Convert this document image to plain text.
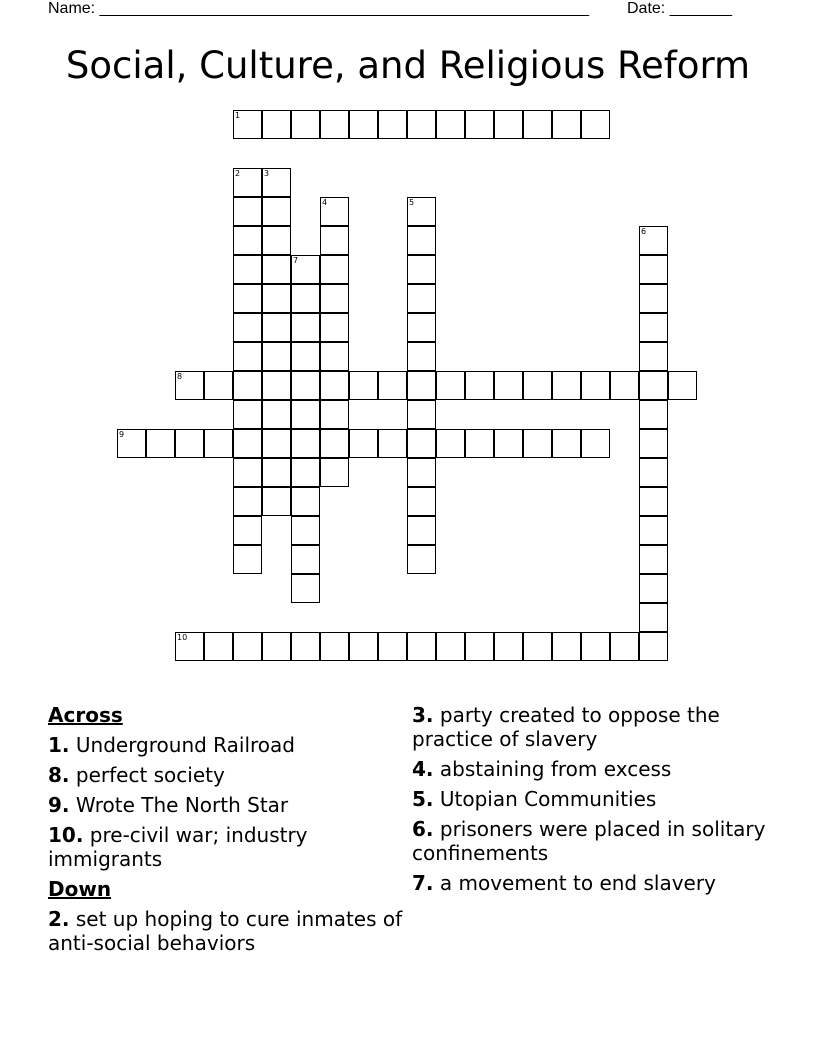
Name: _______________________________________________________ Date: _______
Social, Culture, and Religious Reform
1
2	3
4	5
6
7
8
9
10
Across
1. Underground Railroad
8. perfect society
9. Wrote The North Star
10. pre-civil war; industry immigrants
Down
2. set up hoping to cure inmates of anti-social behaviors
3. party created to oppose the practice of slavery
4. abstaining from excess
5. Utopian Communities
6. prisoners were placed in solitary confinements
7. a movement to end slavery
